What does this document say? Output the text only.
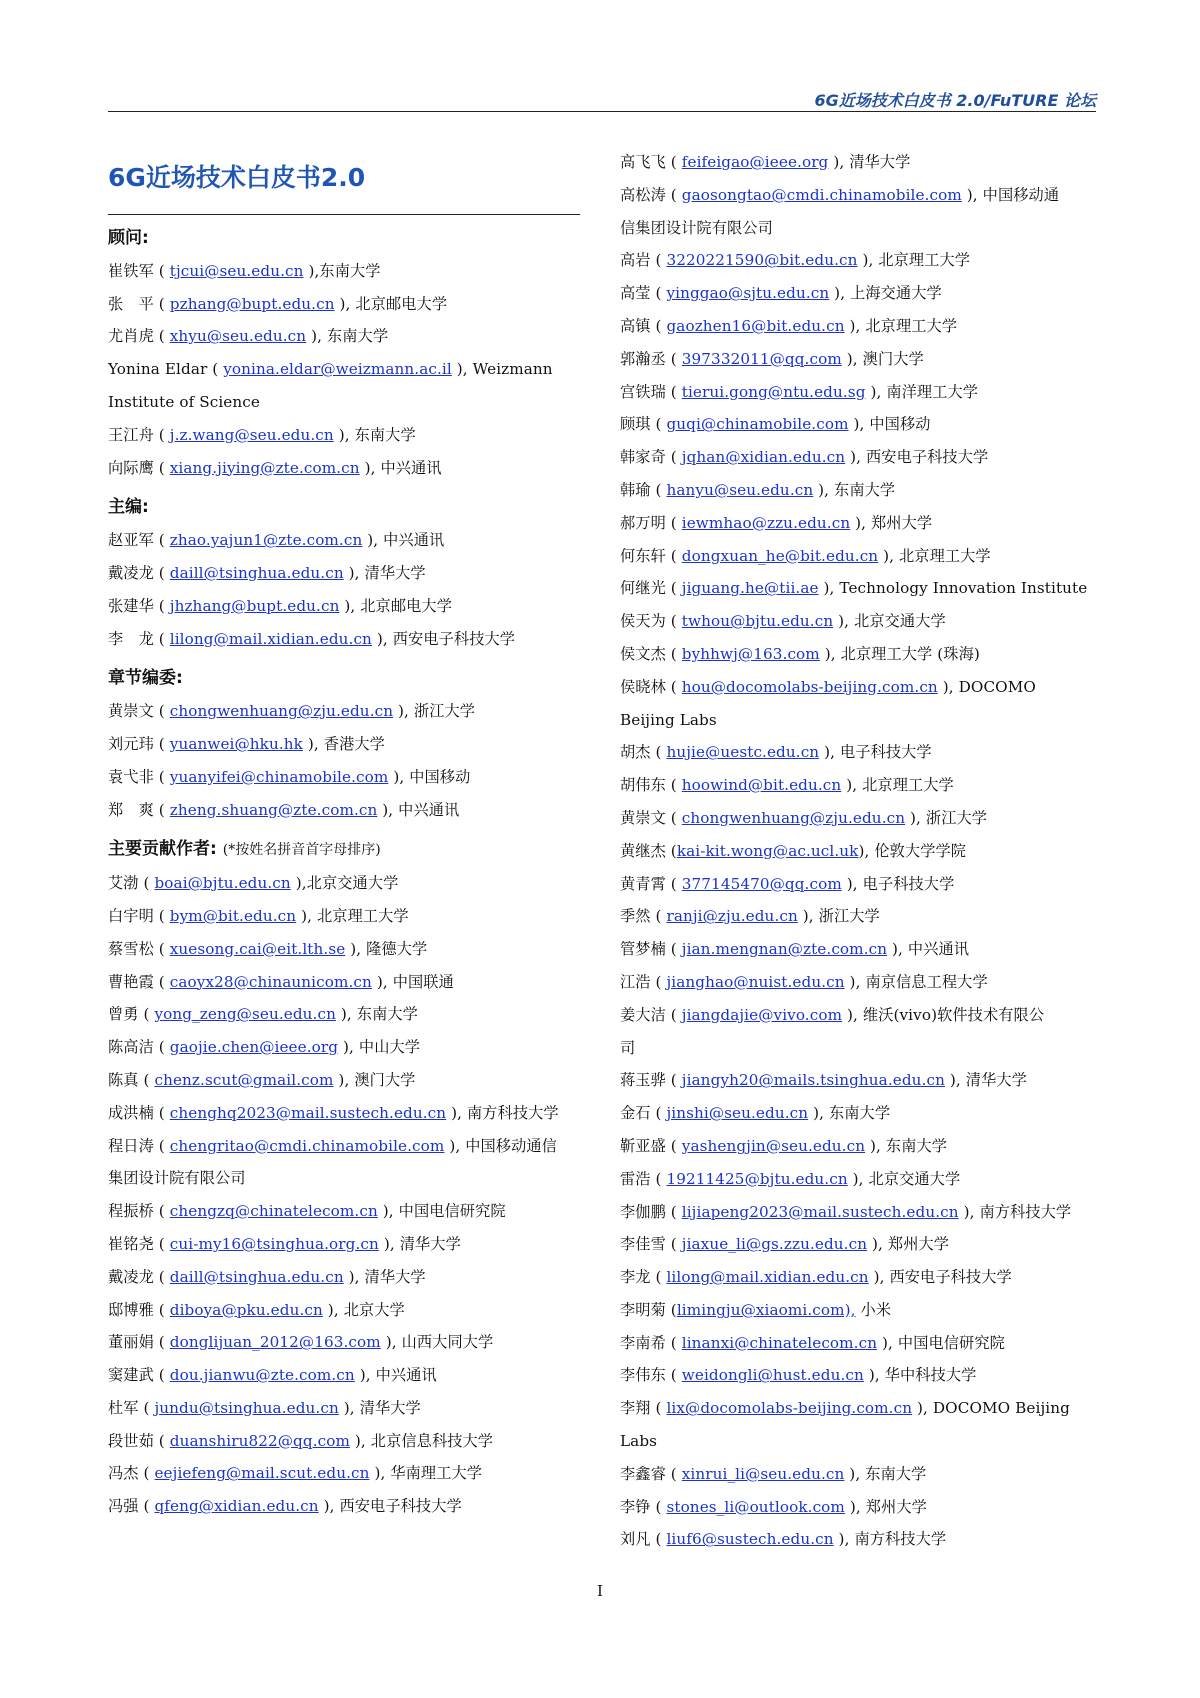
6G近场技术白皮书 2.0/FuTURE 论坛
6G近场技术白皮书2.0
顾问:
崔铁军 ( tjcui@seu.edu.cn ),东南大学
张　平 ( pzhang@bupt.edu.cn ), 北京邮电大学
尤肖虎 ( xhyu@seu.edu.cn ), 东南大学
Yonina Eldar ( yonina.eldar@weizmann.ac.il ), Weizmann
Institute of Science
王江舟 ( j.z.wang@seu.edu.cn ), 东南大学
向际鹰 ( xiang.jiying@zte.com.cn ), 中兴通讯
主编:
赵亚军 ( zhao.yajun1@zte.com.cn ), 中兴通讯
戴凌龙 ( daill@tsinghua.edu.cn ), 清华大学
张建华 ( jhzhang@bupt.edu.cn ), 北京邮电大学
李　龙 ( lilong@mail.xidian.edu.cn ), 西安电子科技大学
章节编委:
黄崇文 ( chongwenhuang@zju.edu.cn ), 浙江大学
刘元玮 ( yuanwei@hku.hk ), 香港大学
袁弋非 ( yuanyifei@chinamobile.com ), 中国移动
郑　爽 ( zheng.shuang@zte.com.cn ), 中兴通讯
主要贡献作者: (*按姓名拼音首字母排序)
艾渤 ( boai@bjtu.edu.cn ),北京交通大学
白宇明 ( bym@bit.edu.cn ), 北京理工大学
蔡雪松 ( xuesong.cai@eit.lth.se ), 隆德大学
曹艳霞 ( caoyx28@chinaunicom.cn ), 中国联通
曾勇 ( yong_zeng@seu.edu.cn ), 东南大学
陈高洁 ( gaojie.chen@ieee.org ), 中山大学
陈真 ( chenz.scut@gmail.com ), 澳门大学
成洪楠 ( chenghq2023@mail.sustech.edu.cn ), 南方科技大学
程日涛 ( chengritao@cmdi.chinamobile.com ), 中国移动通信
集团设计院有限公司
程振桥 ( chengzq@chinatelecom.cn ), 中国电信研究院
崔铭尧 ( cui-my16@tsinghua.org.cn ), 清华大学
戴凌龙 ( daill@tsinghua.edu.cn ), 清华大学
邸博雅 ( diboya@pku.edu.cn ), 北京大学
董丽娟 ( donglijuan_2012@163.com ), 山西大同大学
窦建武 ( dou.jianwu@zte.com.cn ), 中兴通讯
杜军 ( jundu@tsinghua.edu.cn ), 清华大学
段世茹 ( duanshiru822@qq.com ), 北京信息科技大学
冯杰 ( eejiefeng@mail.scut.edu.cn ), 华南理工大学
冯强 ( qfeng@xidian.edu.cn ), 西安电子科技大学
高飞飞 ( feifeigao@ieee.org ), 清华大学
高松涛 ( gaosongtao@cmdi.chinamobile.com ), 中国移动通
信集团设计院有限公司
高岩 ( 3220221590@bit.edu.cn ), 北京理工大学
高莹 ( yinggao@sjtu.edu.cn ), 上海交通大学
高镇 ( gaozhen16@bit.edu.cn ), 北京理工大学
郭瀚丞 ( 397332011@qq.com ), 澳门大学
宫铁瑞 ( tierui.gong@ntu.edu.sg ), 南洋理工大学
顾琪 ( guqi@chinamobile.com ), 中国移动
韩家奇 ( jqhan@xidian.edu.cn ), 西安电子科技大学
韩瑜 ( hanyu@seu.edu.cn ), 东南大学
郝万明 ( iewmhao@zzu.edu.cn ), 郑州大学
何东轩 ( dongxuan_he@bit.edu.cn ), 北京理工大学
何继光 ( jiguang.he@tii.ae ), Technology Innovation Institute
侯天为 ( twhou@bjtu.edu.cn ), 北京交通大学
侯文杰 ( byhhwj@163.com ), 北京理工大学 (珠海)
侯晓林 ( hou@docomolabs-beijing.com.cn ), DOCOMO
Beijing Labs
胡杰 ( hujie@uestc.edu.cn ), 电子科技大学
胡伟东 ( hoowind@bit.edu.cn ), 北京理工大学
黄崇文 ( chongwenhuang@zju.edu.cn ), 浙江大学
黄继杰 (kai-kit.wong@ac.ucl.uk), 伦敦大学学院
黄青霄 ( 377145470@qq.com ), 电子科技大学
季然 ( ranji@zju.edu.cn ), 浙江大学
管梦楠 ( jian.mengnan@zte.com.cn ), 中兴通讯
江浩 ( jianghao@nuist.edu.cn ), 南京信息工程大学
姜大洁 ( jiangdajie@vivo.com ), 维沃(vivo)软件技术有限公
司
蒋玉骅 ( jiangyh20@mails.tsinghua.edu.cn ), 清华大学
金石 ( jinshi@seu.edu.cn ), 东南大学
靳亚盛 ( yashengjin@seu.edu.cn ), 东南大学
雷浩 ( 19211425@bjtu.edu.cn ), 北京交通大学
李伽鹏 ( lijiapeng2023@mail.sustech.edu.cn ), 南方科技大学
李佳雪 ( jiaxue_li@gs.zzu.edu.cn ), 郑州大学
李龙 ( lilong@mail.xidian.edu.cn ), 西安电子科技大学
李明菊 (limingju@xiaomi.com), 小米
李南希 ( linanxi@chinatelecom.cn ), 中国电信研究院
李伟东 ( weidongli@hust.edu.cn ), 华中科技大学
李翔 ( lix@docomolabs-beijing.com.cn ), DOCOMO Beijing
Labs
李鑫睿 ( xinrui_li@seu.edu.cn ), 东南大学
李铮 ( stones_li@outlook.com ), 郑州大学
刘凡 ( liuf6@sustech.edu.cn ), 南方科技大学
I
